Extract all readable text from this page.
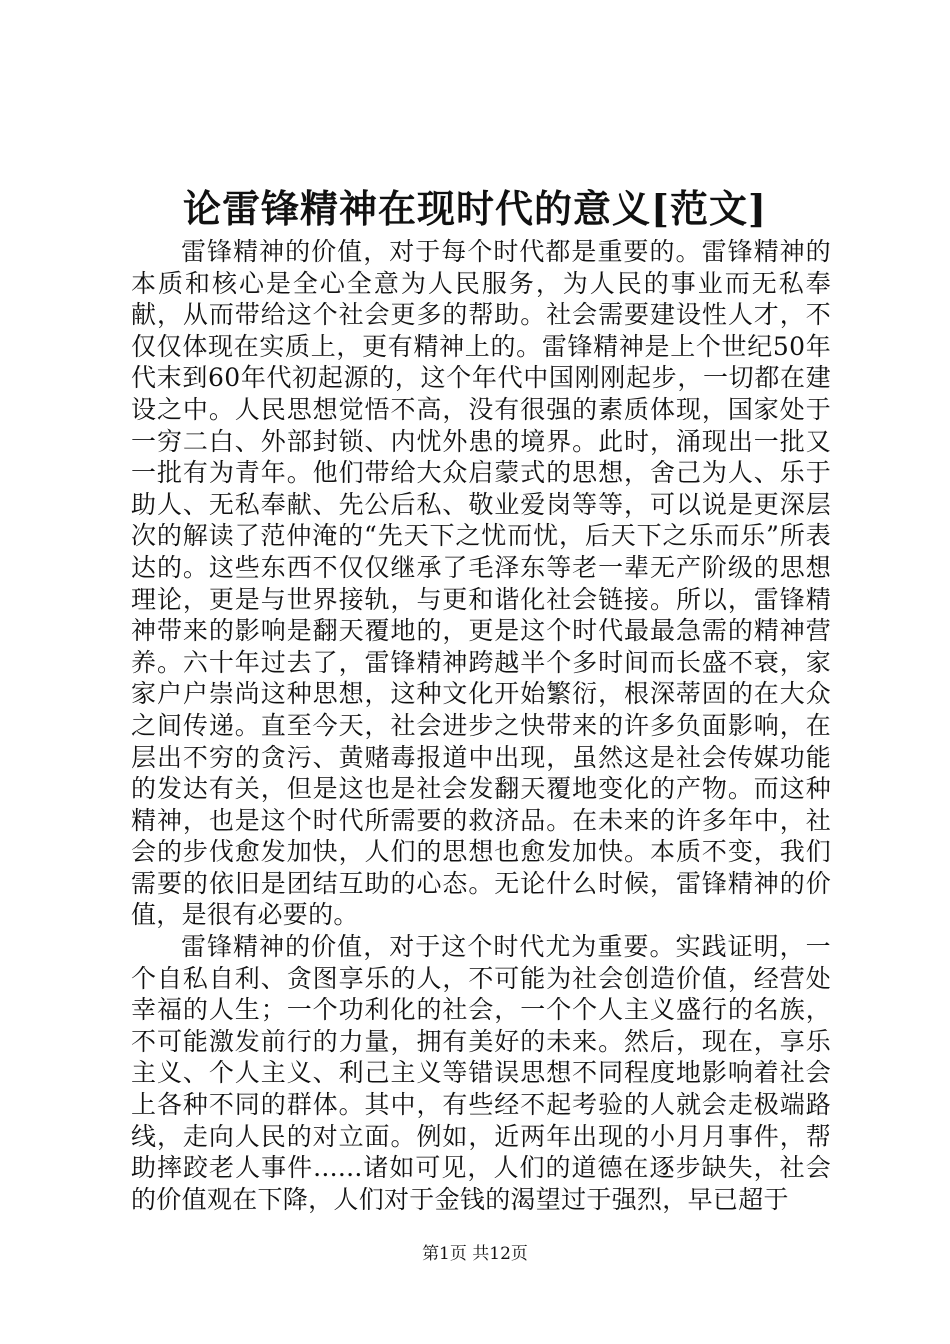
论雷锋精神在现时代的意义[范文]

雷锋精神的价值，对于每个时代都是重要的。雷锋精神的本质和核心是全心全意为人民服务，为人民的事业而无私奉献，从而带给这个社会更多的帮助。社会需要建设性人才，不仅仅体现在实质上，更有精神上的。雷锋精神是上个世纪50年代末到60年代初起源的，这个年代中国刚刚起步，一切都在建设之中。人民思想觉悟不高，没有很强的素质体现，国家处于一穷二白、外部封锁、内忧外患的境界。此时，涌现出一批又一批有为青年。他们带给大众启蒙式的思想，舍己为人、乐于助人、无私奉献、先公后私、敬业爱岗等等，可以说是更深层次的解读了范仲淹的“先天下之忧而忧，后天下之乐而乐”所表达的。这些东西不仅仅继承了毛泽东等老一辈无产阶级的思想理论，更是与世界接轨，与更和谐化社会链接。所以，雷锋精神带来的影响是翻天覆地的，更是这个时代最最急需的精神营养。六十年过去了，雷锋精神跨越半个多时间而长盛不衰，家家户户崇尚这种思想，这种文化开始繁衍，根深蒂固的在大众之间传递。直至今天，社会进步之快带来的许多负面影响，在层出不穷的贪污、黄赌毒报道中出现，虽然这是社会传媒功能的发达有关，但是这也是社会发翻天覆地变化的产物。而这种精神，也是这个时代所需要的救济品。在未来的许多年中，社会的步伐愈发加快，人们的思想也愈发加快。本质不变，我们需要的依旧是团结互助的心态。无论什么时候，雷锋精神的价值，是很有必要的。

雷锋精神的价值，对于这个时代尤为重要。实践证明，一个自私自利、贪图享乐的人，不可能为社会创造价值，经营处幸福的人生；一个功利化的社会，一个个人主义盛行的名族，不可能激发前行的力量，拥有美好的未来。然后，现在，享乐主义、个人主义、利己主义等错误思想不同程度地影响着社会上各种不同的群体。其中，有些经不起考验的人就会走极端路线，走向人民的对立面。例如，近两年出现的小月月事件，帮助摔跤老人事件......诸如可见，人们的道德在逐步缺失，社会的价值观在下降，人们对于金钱的渴望过于强烈，早已超于

第1页 共12页
